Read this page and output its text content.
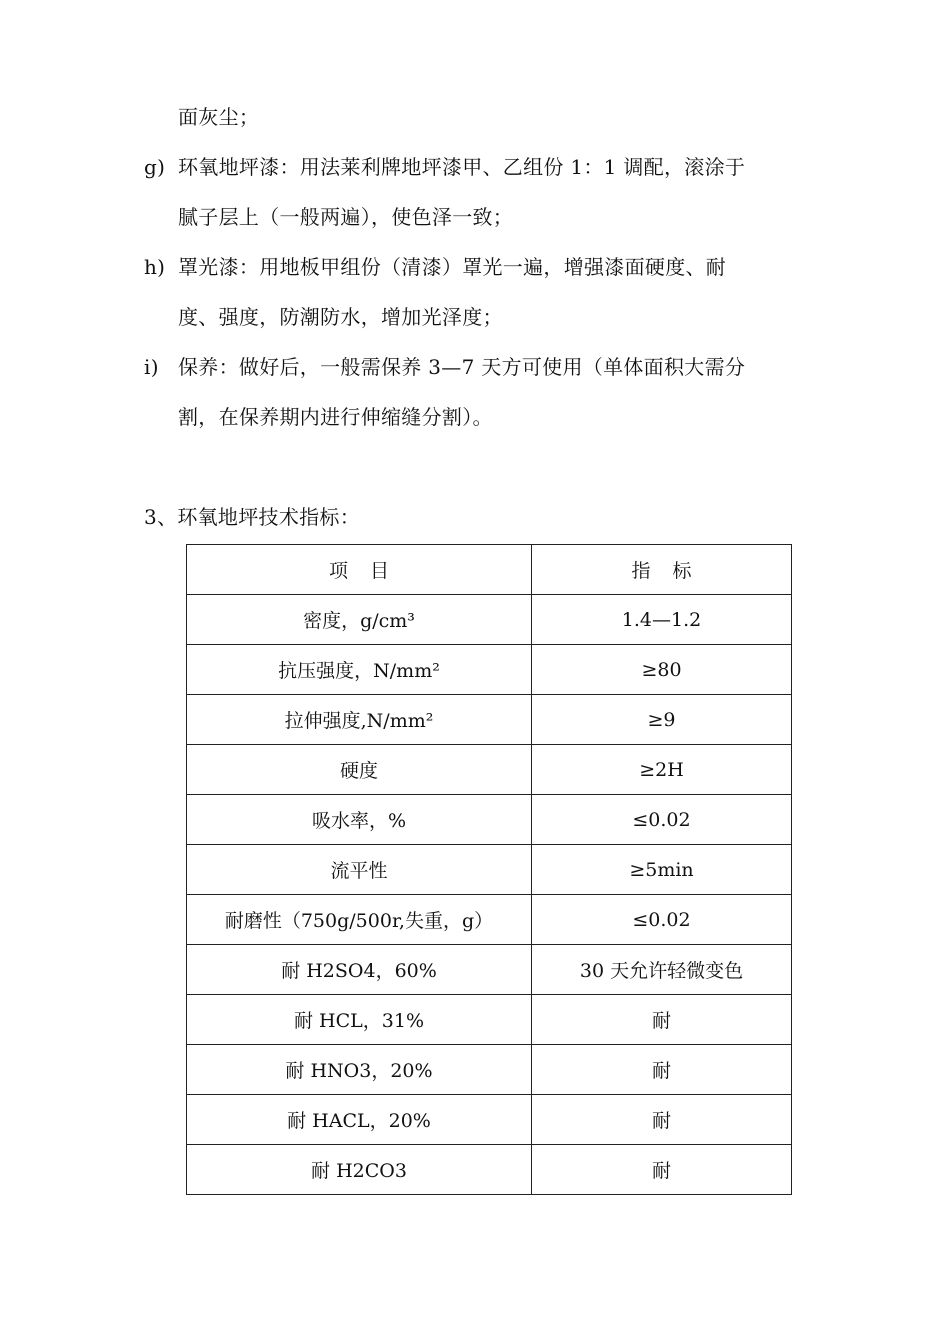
面灰尘；
g) 环氧地坪漆：用法莱利牌地坪漆甲、乙组份 1：1 调配，滚涂于
腻子层上（一般两遍），使色泽一致；
h) 罩光漆：用地板甲组份（清漆）罩光一遍，增强漆面硬度、耐
度、强度，防潮防水，增加光泽度；
i) 保养：做好后，一般需保养 3—7 天方可使用（单体面积大需分
割，在保养期内进行伸缩缝分割）。
3、环氧地坪技术指标：
项目	指标
密度，g/cm³	1.4—1.2
抗压强度，N/mm²	≥80
拉伸强度,N/mm²	≥9
硬度	≥2H
吸水率，%	≤0.02
流平性	≥5min
耐磨性（750g/500r,失重，g）	≤0.02
耐 H2SO4，60%	30 天允许轻微变色
耐 HCL，31%	耐
耐 HNO3，20%	耐
耐 HACL，20%	耐
耐 H2CO3	耐
